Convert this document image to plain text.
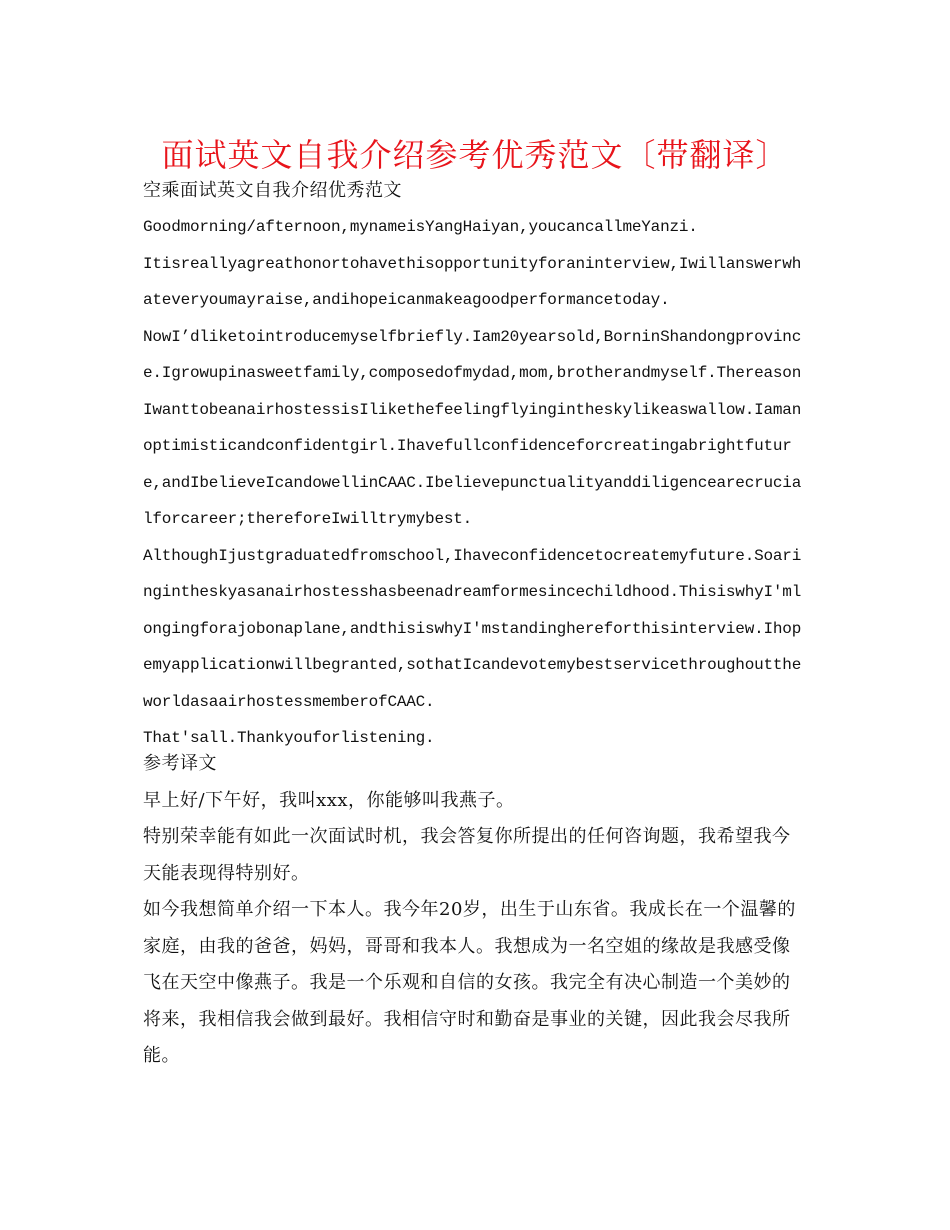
面试英文自我介绍参考优秀范文〔带翻译〕

空乘面试英文自我介绍优秀范文

Goodmorning/afternoon,mynameisYangHaiyan,youcancallmeYanzi.

Itisreallyagreathonortohavethisopportunityforaninterview,Iwillanswerwhateveryoumayraise,andihopeicanmakeagoodperformancetoday.

NowI’dliketointroducemyselfbriefly.Iam20yearsold,BorninShandongprovince.Igrowupinasweetfamily,composedofmydad,mom,brotherandmyself.ThereasonIwanttobeanairhostessisIlikethefeelingflyingintheskylikeaswallow.Iamanoptimisticandconfidentgirl.Ihavefullconfidenceforcreatingabrightfuture,andIbelieveIcandowellinCAAC.Ibelievepunctualityanddiligencearecrucialforcareer;thereforeIwilltrymybest.

AlthoughIjustgraduatedfromschool,Ihaveconfidencetocreatemyfuture.Soaringintheskyasanairhostesshasbeenadreamformesincechildhood.ThisiswhyI'mlongingforajobonaplane,andthisiswhyI'mstandinghereforthisinterview.Ihopemyapplicationwillbegranted,sothatIcandevotemybestservicethroughouttheworldasaairhostessmemberofCAAC.

That'sall.Thankyouforlistening.

参考译文

早上好/下午好，我叫xxx，你能够叫我燕子。

特别荣幸能有如此一次面试时机，我会答复你所提出的任何咨询题，我希望我今天能表现得特别好。

如今我想简单介绍一下本人。我今年20岁，出生于山东省。我成长在一个温馨的家庭，由我的爸爸，妈妈，哥哥和我本人。我想成为一名空姐的缘故是我感受像飞在天空中像燕子。我是一个乐观和自信的女孩。我完全有决心制造一个美妙的将来，我相信我会做到最好。我相信守时和勤奋是事业的关键，因此我会尽我所能。
